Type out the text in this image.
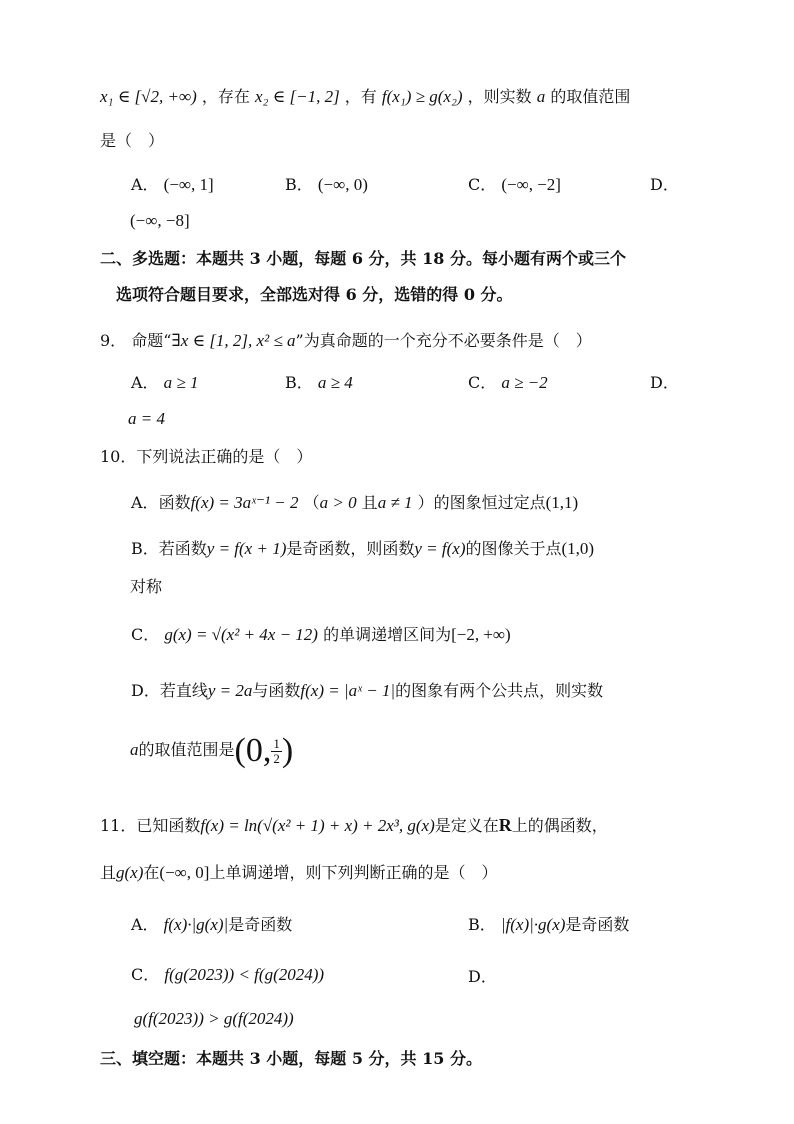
x₁ ∈ [√2, +∞) ，存在 x₂ ∈ [−1, 2] ，有 f(x₁) ≥ g(x₂) ，则实数 a 的取值范围
是（　）
A． (−∞, 1]	B． (−∞, 0)	C． (−∞, −2]	D．
(−∞, −8]
二、多选题：本题共 3 小题，每题 6 分，共 18 分。每小题有两个或三个
选项符合题目要求，全部选对得 6 分，选错的得 0 分。
9． 命题“∃x ∈ [1, 2], x² ≤ a”为真命题的一个充分不必要条件是（　）
A． a ≥ 1	B． a ≥ 4	C． a ≥ −2	D．
a = 4
10．下列说法正确的是（　）
A．函数f(x) = 3aˣ⁻¹ − 2 （a > 0 且a ≠ 1 ）的图象恒过定点(1,1)
B．若函数y = f(x + 1)是奇函数，则函数y = f(x)的图像关于点(1,0)
对称
C． g(x) = √(x² + 4x − 12) 的单调递增区间为[−2, +∞)
D．若直线y = 2a与函数f(x) = |aˣ − 1|的图象有两个公共点，则实数
a的取值范围是(0, $\frac{1}{2}$ )
11．已知函数f(x) = ln(√(x² + 1) + x) + 2x³, g(x)是定义在R上的偶函数，
且g(x)在(−∞, 0]上单调递增，则下列判断正确的是（　）
A． f(x)·|g(x)|是奇函数	B． |f(x)|·g(x)是奇函数
C． f(g(2023)) < f(g(2024))	D．
g(f(2023)) > g(f(2024))
三、填空题：本题共 3 小题，每题 5 分，共 15 分。
